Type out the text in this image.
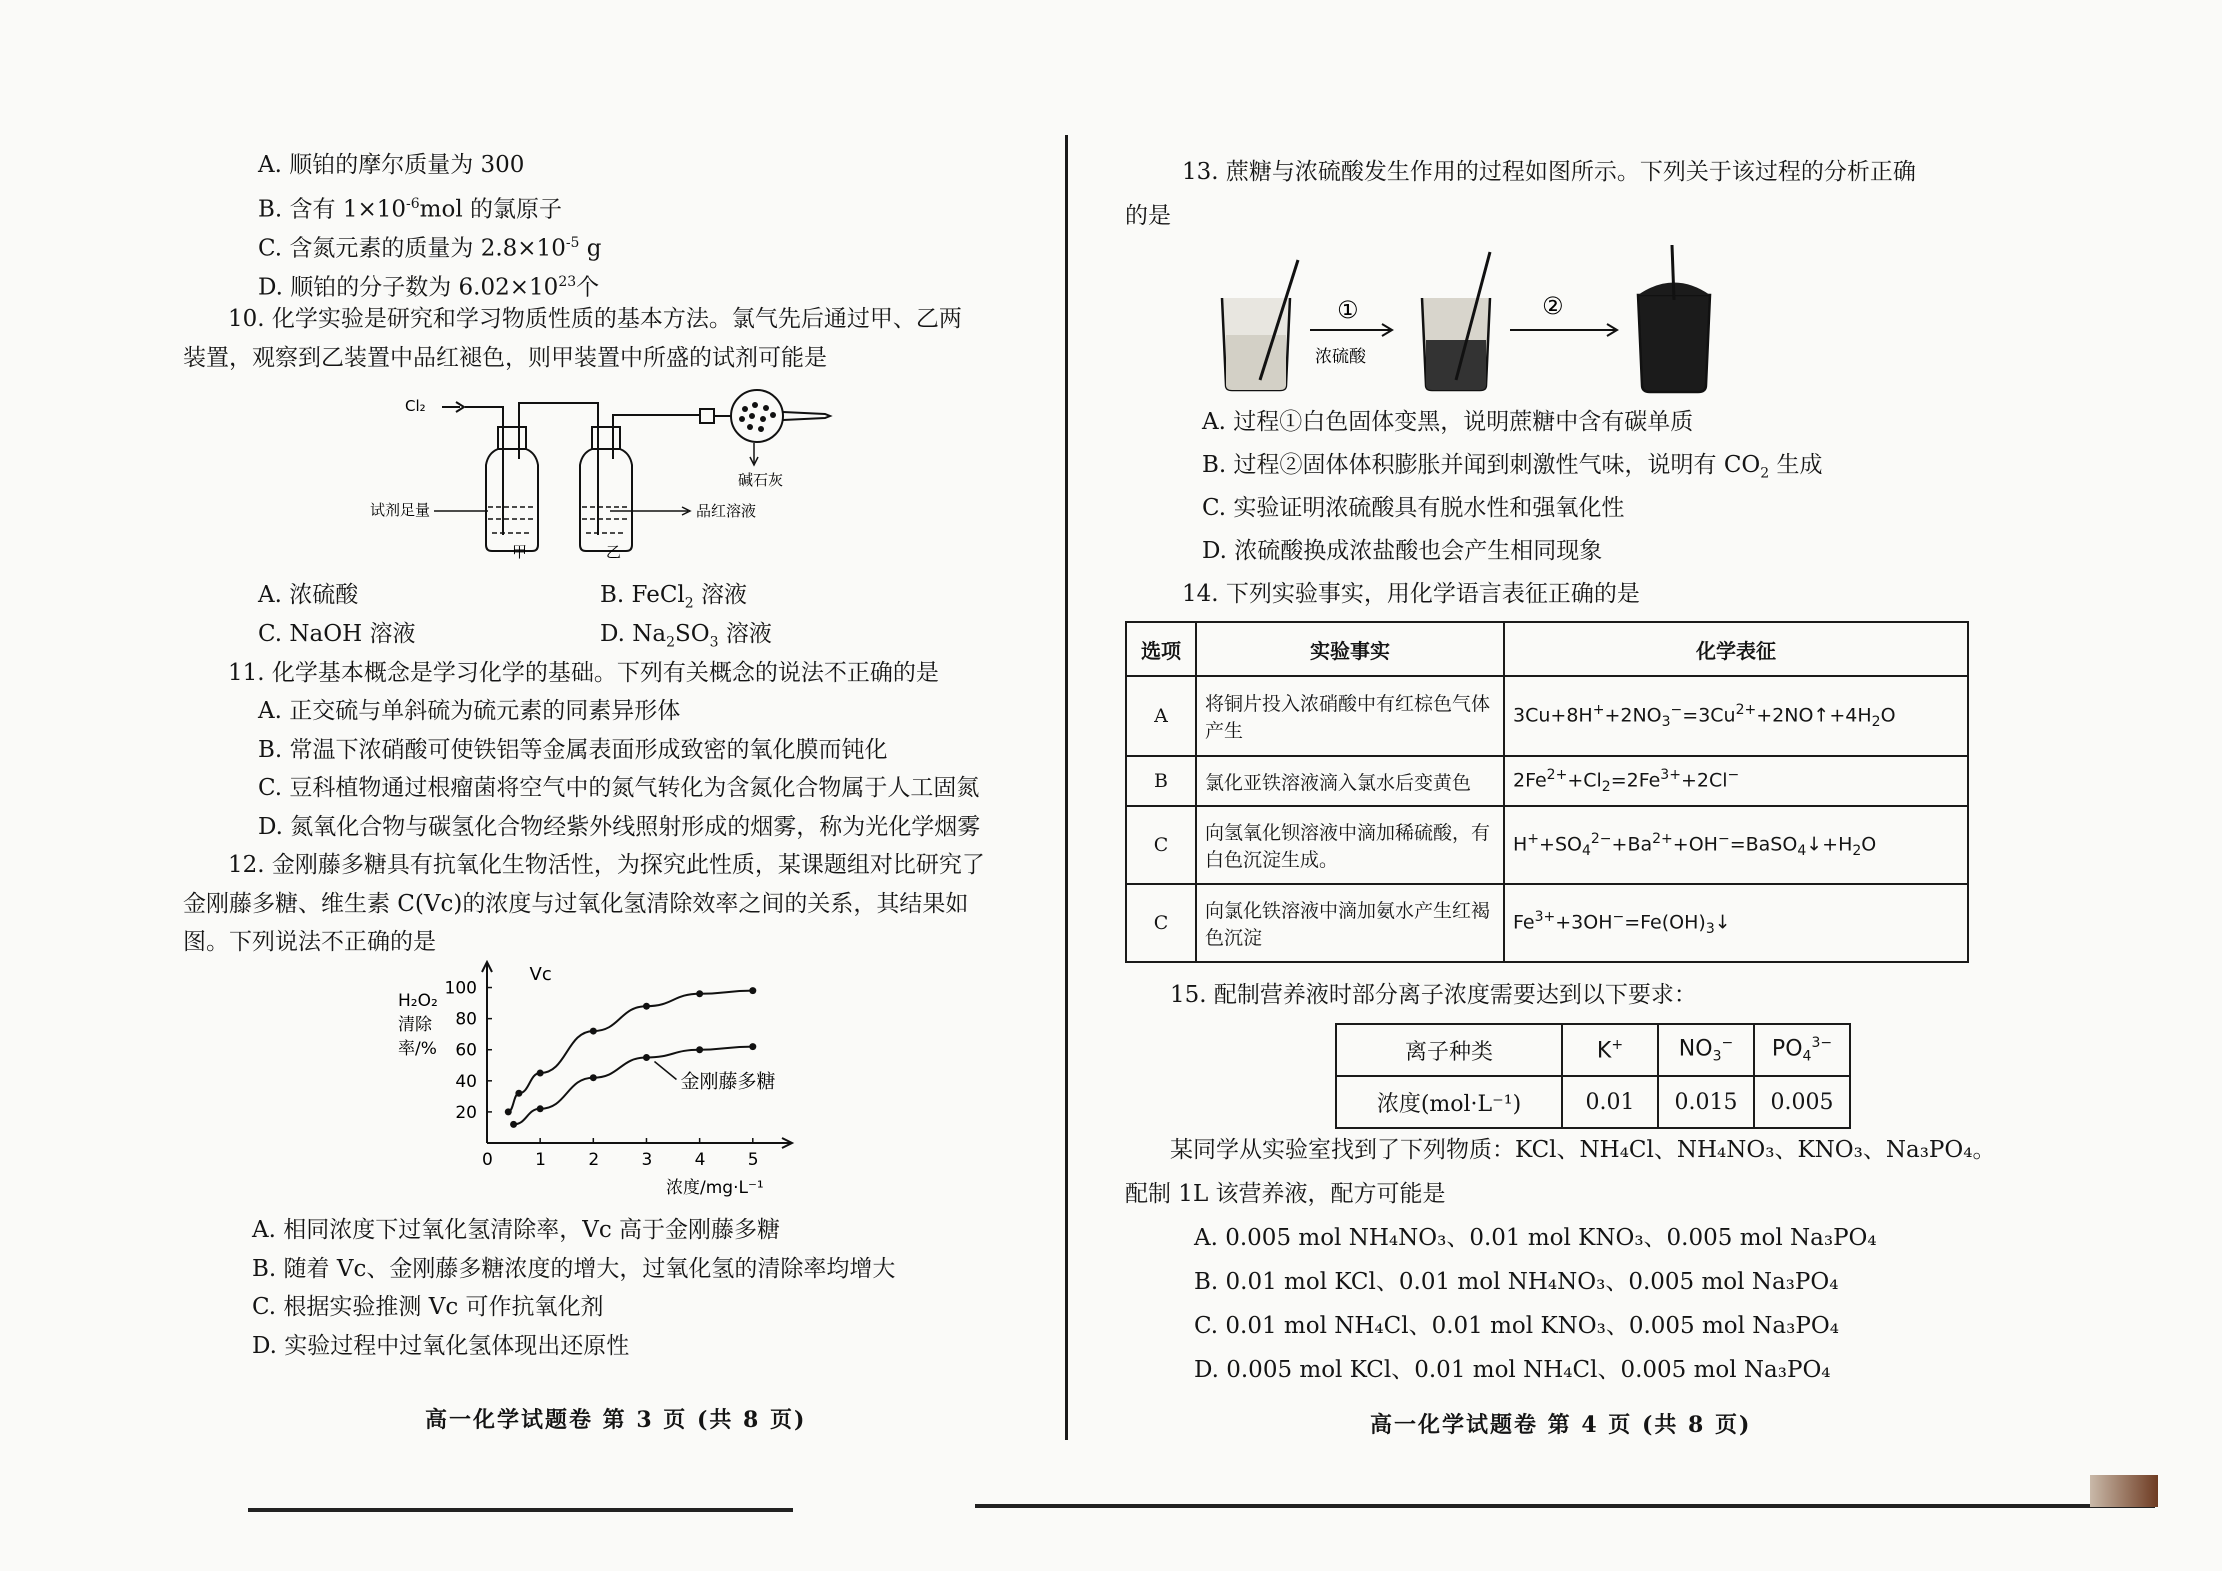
A. 顺铂的摩尔质量为 300
B. 含有 $1\times 10^{-6}mol$ 的氯原子
C. 含氮元素的质量为 $2.8\times 10^{-5}$ g
D. 顺铂的分子数为 $6.02\times 10^{23}$个
10. 化学实验是研究和学习物质性质的基本方法。氯气先后通过甲、乙两
装置，观察到乙装置中品红褪色，则甲装置中所盛的试剂可能是
Cl₂
碱石灰
试剂足量	品红溶液
甲	乙
A. 浓硫酸	B. FeCl$_2$ 溶液
C. NaOH 溶液	D. $Na_2SO_3$ 溶液
11. 化学基本概念是学习化学的基础。下列有关概念的说法不正确的是
A. 正交硫与单斜硫为硫元素的同素异形体
B. 常温下浓硝酸可使铁铝等金属表面形成致密的氧化膜而钝化
C. 豆科植物通过根瘤菌将空气中的氮气转化为含氮化合物属于人工固氮
D. 氮氧化合物与碳氢化合物经紫外线照射形成的烟雾，称为光化学烟雾
12. 金刚藤多糖具有抗氧化生物活性，为探究此性质，某课题组对比研究了
金刚藤多糖、维生素 C(Vc)的浓度与过氧化氢清除效率之间的关系，其结果如
图。下列说法不正确的是
0 1 2 3 4 5
20
40
60
80
100
Vc
金刚藤多糖
H₂O₂
清除
率/%
浓度/mg·L⁻¹
A. 相同浓度下过氧化氢清除率，Vc 高于金刚藤多糖
B. 随着 Vc、金刚藤多糖浓度的增大，过氧化氢的清除率均增大
C. 根据实验推测 Vc 可作抗氧化剂
D. 实验过程中过氧化氢体现出还原性
高一化学试题卷 第 3 页 (共 8 页)
13. 蔗糖与浓硫酸发生作用的过程如图所示。下列关于该过程的分析正确
的是
①
浓硫酸
②
A. 过程①白色固体变黑，说明蔗糖中含有碳单质
B. 过程②固体体积膨胀并闻到刺激性气味，说明有 $CO_2$ 生成
C. 实验证明浓硫酸具有脱水性和强氧化性
D. 浓硫酸换成浓盐酸也会产生相同现象
14. 下列实验事实，用化学语言表征正确的是
选项	实验事实	化学表征
A	将铜片投入浓硝酸中有红棕色气体产生	$3Cu+8H^++2NO_3^-=3Cu^{2+}+2NO↑+4H_2O$
B	氯化亚铁溶液滴入氯水后变黄色	$2Fe^{2+}+Cl_2=2Fe^{3+}+2Cl^-$
C	向氢氧化钡溶液中滴加稀硫酸，有白色沉淀生成。	$H^++SO_4^{2-}+Ba^{2+}+OH^-=BaSO_4↓+H_2O$
C	向氯化铁溶液中滴加氨水产生红褐色沉淀	$Fe^{3+}+3OH^-=Fe(OH)_3↓$
15. 配制营养液时部分离子浓度需要达到以下要求：
离子种类	K+	$NO_3^-$	$PO_4^{3-}$
浓度(mol·L⁻¹)	0.01	0.015	0.005
某同学从实验室找到了下列物质：KCl、NH₄Cl、NH₄NO₃、KNO₃、Na₃PO₄。
配制 1L 该营养液，配方可能是
A. 0.005 mol NH₄NO₃、0.01 mol KNO₃、0.005 mol Na₃PO₄
B. 0.01 mol KCl、0.01 mol NH₄NO₃、0.005 mol Na₃PO₄
C. 0.01 mol NH₄Cl、0.01 mol KNO₃、0.005 mol Na₃PO₄
D. 0.005 mol KCl、0.01 mol NH₄Cl、0.005 mol Na₃PO₄
高一化学试题卷 第 4 页 (共 8 页)
